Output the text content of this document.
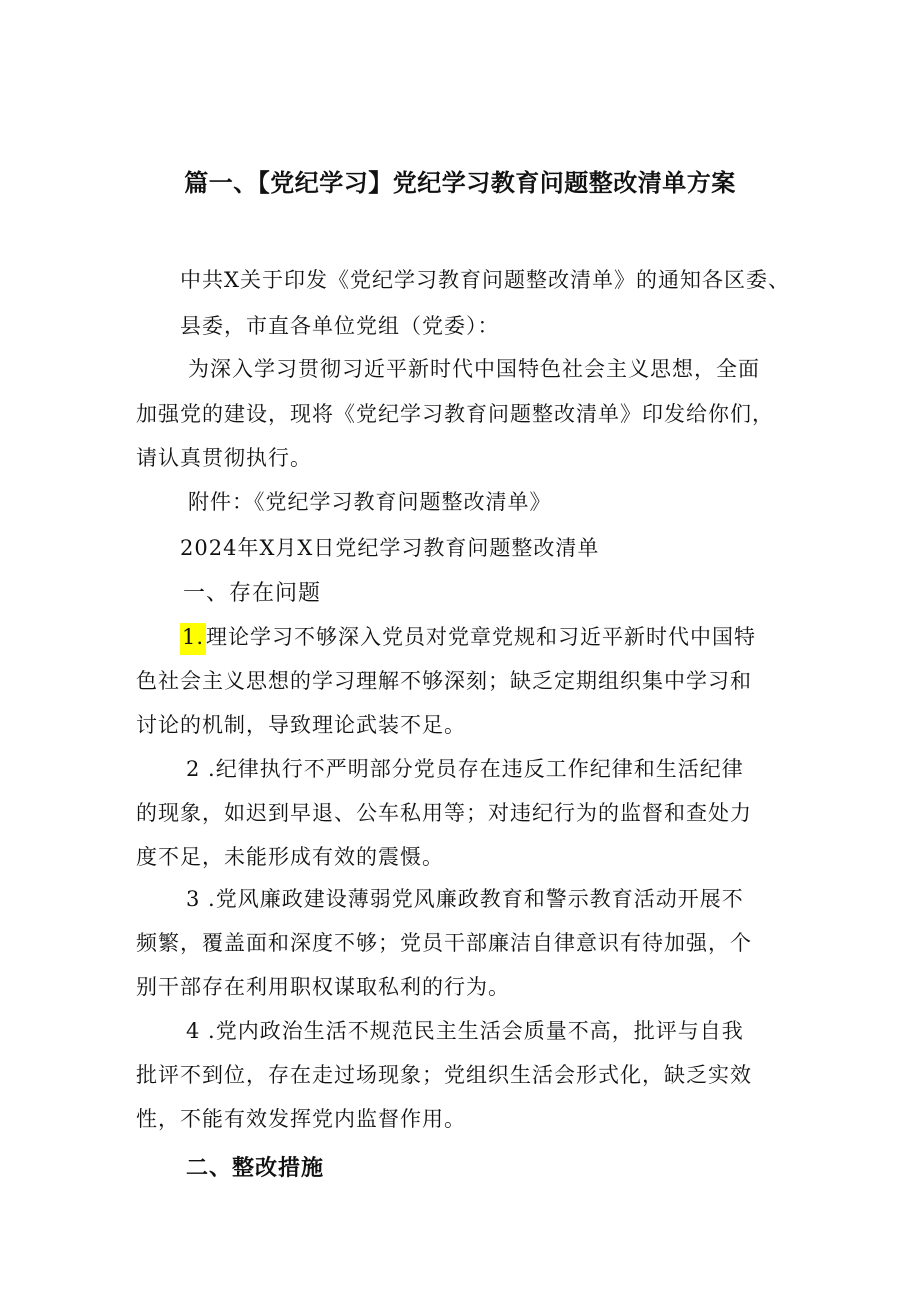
篇一、【党纪学习】党纪学习教育问题整改清单方案
中共X关于印发《党纪学习教育问题整改清单》的通知各区委、
县委，市直各单位党组（党委）：
为深入学习贯彻习近平新时代中国特色社会主义思想，全面
加强党的建设，现将《党纪学习教育问题整改清单》印发给你们，
请认真贯彻执行。
附件：《党纪学习教育问题整改清单》
2024年X月X日党纪学习教育问题整改清单
一、存在问题
1.理论学习不够深入党员对党章党规和习近平新时代中国特
色社会主义思想的学习理解不够深刻；缺乏定期组织集中学习和
讨论的机制，导致理论武装不足。
2 .纪律执行不严明部分党员存在违反工作纪律和生活纪律
的现象，如迟到早退、公车私用等；对违纪行为的监督和查处力
度不足，未能形成有效的震慑。
3 .党风廉政建设薄弱党风廉政教育和警示教育活动开展不
频繁，覆盖面和深度不够；党员干部廉洁自律意识有待加强，个
别干部存在利用职权谋取私利的行为。
4 .党内政治生活不规范民主生活会质量不高，批评与自我
批评不到位，存在走过场现象；党组织生活会形式化，缺乏实效
性，不能有效发挥党内监督作用。
二、整改措施
